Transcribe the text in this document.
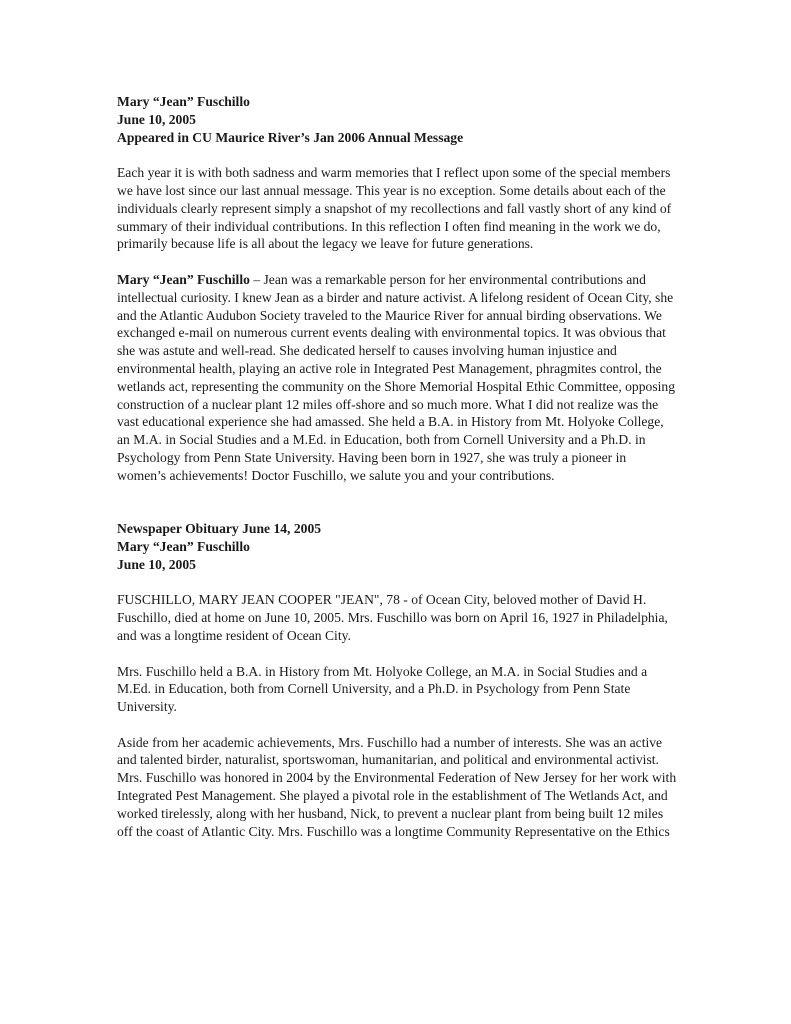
Mary “Jean” Fuschillo
June 10, 2005
Appeared in CU Maurice River’s Jan 2006 Annual Message

Each year it is with both sadness and warm memories that I reflect upon some of the special members we have lost since our last annual message. This year is no exception. Some details about each of the individuals clearly represent simply a snapshot of my recollections and fall vastly short of any kind of summary of their individual contributions. In this reflection I often find meaning in the work we do, primarily because life is all about the legacy we leave for future generations.

Mary “Jean” Fuschillo – Jean was a remarkable person for her environmental contributions and intellectual curiosity. I knew Jean as a birder and nature activist. A lifelong resident of Ocean City, she and the Atlantic Audubon Society traveled to the Maurice River for annual birding observations. We exchanged e-mail on numerous current events dealing with environmental topics. It was obvious that she was astute and well-read. She dedicated herself to causes involving human injustice and environmental health, playing an active role in Integrated Pest Management, phragmites control, the wetlands act, representing the community on the Shore Memorial Hospital Ethic Committee, opposing construction of a nuclear plant 12 miles off-shore and so much more. What I did not realize was the vast educational experience she had amassed. She held a B.A. in History from Mt. Holyoke College, an M.A. in Social Studies and a M.Ed. in Education, both from Cornell University and a Ph.D. in Psychology from Penn State University. Having been born in 1927, she was truly a pioneer in women’s achievements! Doctor Fuschillo, we salute you and your contributions.

Newspaper Obituary June 14, 2005
Mary “Jean” Fuschillo
June 10, 2005

FUSCHILLO, MARY JEAN COOPER "JEAN", 78 - of Ocean City, beloved mother of David H. Fuschillo, died at home on June 10, 2005. Mrs. Fuschillo was born on April 16, 1927 in Philadelphia, and was a longtime resident of Ocean City.

Mrs. Fuschillo held a B.A. in History from Mt. Holyoke College, an M.A. in Social Studies and a M.Ed. in Education, both from Cornell University, and a Ph.D. in Psychology from Penn State University.

Aside from her academic achievements, Mrs. Fuschillo had a number of interests. She was an active and talented birder, naturalist, sportswoman, humanitarian, and political and environmental activist. Mrs. Fuschillo was honored in 2004 by the Environmental Federation of New Jersey for her work with Integrated Pest Management. She played a pivotal role in the establishment of The Wetlands Act, and worked tirelessly, along with her husband, Nick, to prevent a nuclear plant from being built 12 miles off the coast of Atlantic City. Mrs. Fuschillo was a longtime Community Representative on the Ethics
